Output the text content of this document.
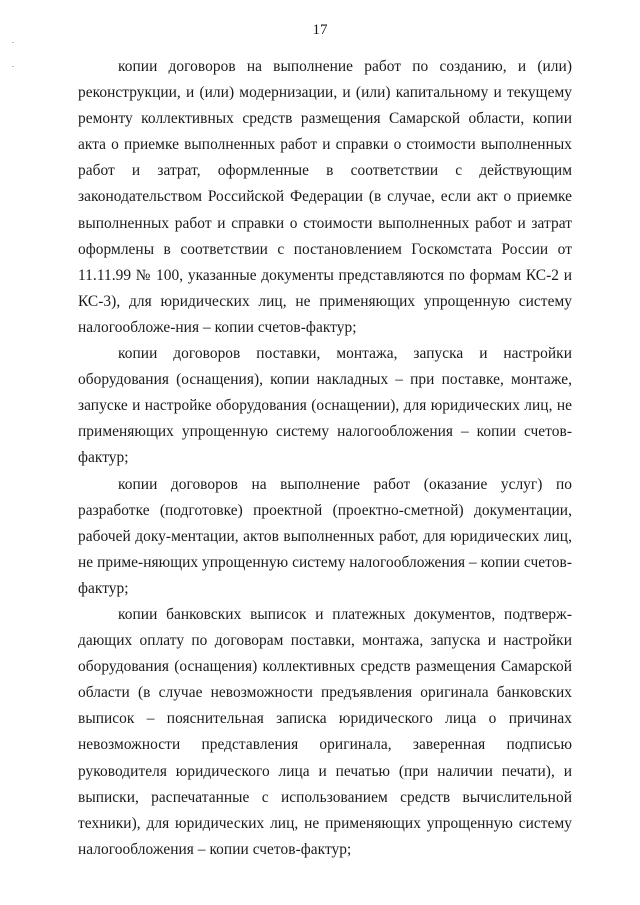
17

копии договоров на выполнение работ по созданию, и (или) реконструкции, и (или) модернизации, и (или) капитальному и текущему ремонту коллективных средств размещения Самарской области, копии акта о приемке выполненных работ и справки о стоимости выполненных работ и затрат, оформленные в соответствии с действующим законодательством Российской Федерации (в случае, если акт о приемке выполненных работ и справки о стоимости выполненных работ и затрат оформлены в соответствии с постановлением Госкомстата России от 11.11.99 № 100, указанные документы представляются по формам КС-2 и КС-3), для юридических лиц, не применяющих упрощенную систему налогообложе-ния – копии счетов-фактур;

копии договоров поставки, монтажа, запуска и настройки оборудования (оснащения), копии накладных – при поставке, монтаже, запуске и настройке оборудования (оснащении), для юридических лиц, не применяющих упрощенную систему налогообложения – копии счетов-фактур;

копии договоров на выполнение работ (оказание услуг) по разработке (подготовке) проектной (проектно-сметной) документации, рабочей доку-ментации, актов выполненных работ, для юридических лиц, не приме-няющих упрощенную систему налогообложения – копии счетов-фактур;

копии банковских выписок и платежных документов, подтверж-дающих оплату по договорам поставки, монтажа, запуска и настройки оборудования (оснащения) коллективных средств размещения Самарской области (в случае невозможности предъявления оригинала банковских выписок – пояснительная записка юридического лица о причинах невозможности представления оригинала, заверенная подписью руководителя юридического лица и печатью (при наличии печати), и выписки, распечатанные с использованием средств вычислительной техники), для юридических лиц, не применяющих упрощенную систему налогообложения – копии счетов-фактур;
